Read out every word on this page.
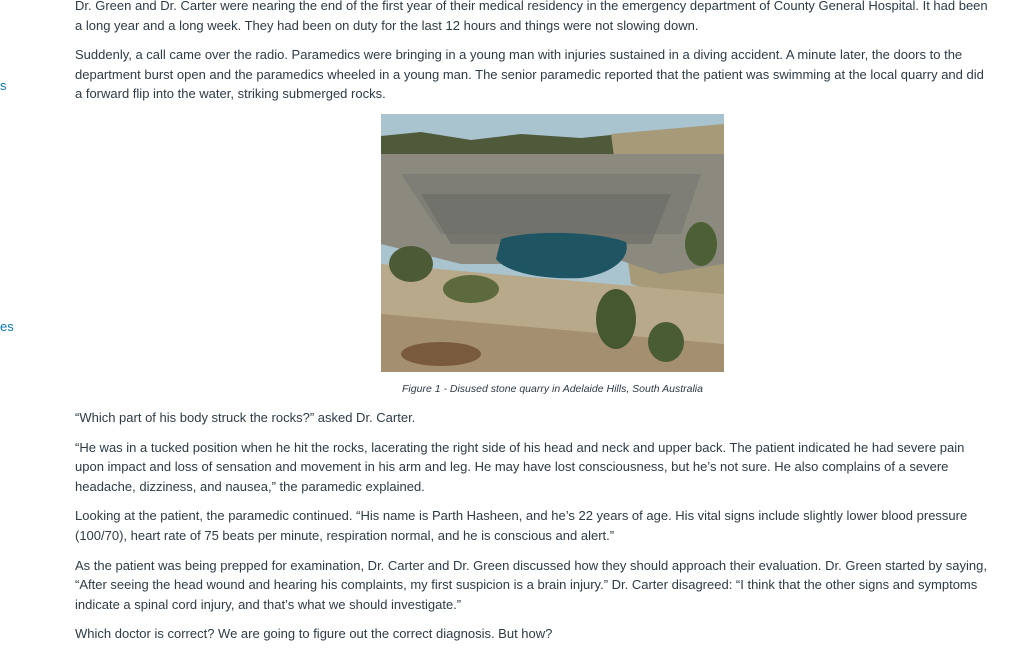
s
es

Dr. Green and Dr. Carter were nearing the end of the first year of their medical residency in the emergency department of County General Hospital. It had been a long year and a long week. They had been on duty for the last 12 hours and things were not slowing down.

Suddenly, a call came over the radio. Paramedics were bringing in a young man with injuries sustained in a diving accident. A minute later, the doors to the department burst open and the paramedics wheeled in a young man. The senior paramedic reported that the patient was swimming at the local quarry and did a forward flip into the water, striking submerged rocks.

Figure 1 - Disused stone quarry in Adelaide Hills, South Australia

“Which part of his body struck the rocks?” asked Dr. Carter.

“He was in a tucked position when he hit the rocks, lacerating the right side of his head and neck and upper back. The patient indicated he had severe pain upon impact and loss of sensation and movement in his arm and leg. He may have lost consciousness, but he’s not sure. He also complains of a severe headache, dizziness, and nausea,” the paramedic explained.

Looking at the patient, the paramedic continued. “His name is Parth Hasheen, and he’s 22 years of age. His vital signs include slightly lower blood pressure (100/70), heart rate of 75 beats per minute, respiration normal, and he is conscious and alert.”

As the patient was being prepped for examination, Dr. Carter and Dr. Green discussed how they should approach their evaluation. Dr. Green started by saying, “After seeing the head wound and hearing his complaints, my first suspicion is a brain injury.” Dr. Carter disagreed: “I think that the other signs and symptoms indicate a spinal cord injury, and that’s what we should investigate.”

Which doctor is correct? We are going to figure out the correct diagnosis. But how?
